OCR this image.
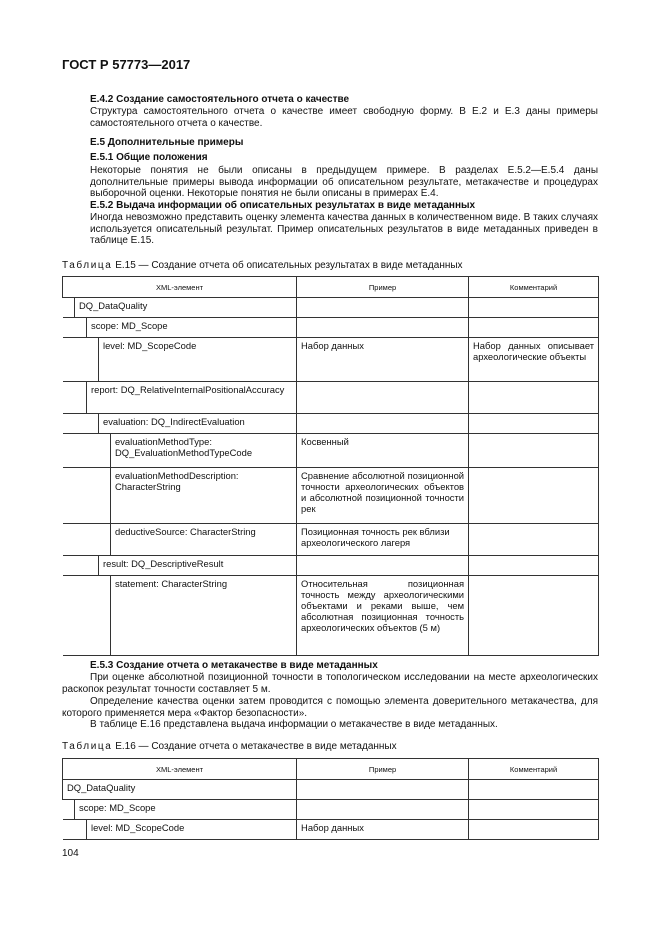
ГОСТ Р 57773—2017
Е.4.2 Создание самостоятельного отчета о качестве
Структура самостоятельного отчета о качестве имеет свободную форму. В Е.2 и Е.3 даны примеры самостоятельного отчета о качестве.
Е.5 Дополнительные примеры
Е.5.1 Общие положения
Некоторые понятия не были описаны в предыдущем примере. В разделах Е.5.2—Е.5.4 даны дополнительные примеры вывода информации об описательном результате, метакачестве и процедурах выборочной оценки. Некоторые понятия не были описаны в примерах Е.4.
Е.5.2 Выдача информации об описательных результатах в виде метаданных
Иногда невозможно представить оценку элемента качества данных в количественном виде. В таких случаях используется описательный результат. Пример описательных результатов в виде метаданных приведен в таблице Е.15.
Таблица Е.15 — Создание отчета об описательных результатах в виде метаданных
XML-элемент					Пример	Комментарий
	DQ_DataQuality					
		scope: MD_Scope				
			level: MD_ScopeCode		Набор данных	Набор данных описывает археологические объекты
		report: DQ_RelativeInternalPositionalAccuracy				
			evaluation: DQ_IndirectEvaluation			
				evaluationMethodType: DQ_EvaluationMethodTypeCode	Косвенный	
				evaluationMethodDescription: CharacterString	Сравнение абсолютной позиционной точности археологических объектов и абсолютной позиционной точности рек	
				deductiveSource: CharacterString	Позиционная точность рек вблизи археологического лагеря	
			result: DQ_DescriptiveResult			
				statement: CharacterString	Относительная позиционная точность между археологическими объектами и реками выше, чем абсолютная позиционная точность археологических объектов (5 м)	
Е.5.3 Создание отчета о метакачестве в виде метаданных
При оценке абсолютной позиционной точности в топологическом исследовании на месте археологических раскопок результат точности составляет 5 м.
Определение качества оценки затем проводится с помощью элемента доверительного метакачества, для которого применяется мера «Фактор безопасности».
В таблице Е.16 представлена выдача информации о метакачестве в виде метаданных.
Таблица Е.16 — Создание отчета о метакачестве в виде метаданных
XML-элемент			Пример	Комментарий
DQ_DataQuality				
	scope: MD_Scope			
		level: MD_ScopeCode	Набор данных	
104
